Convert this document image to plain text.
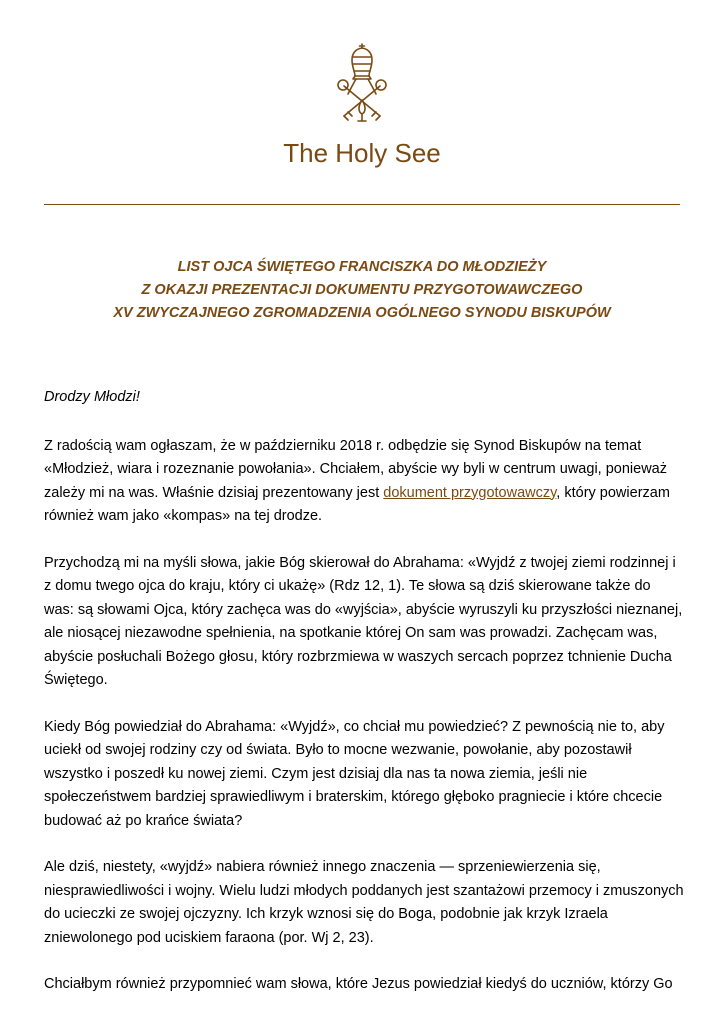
The Holy See
LIST OJCA ŚWIĘTEGO FRANCISZKA DO MŁODZIEŻY
Z OKAZJI PREZENTACJI DOKUMENTU PRZYGOTOWAWCZEGO
XV ZWYCZAJNEGO ZGROMADZENIA OGÓLNEGO SYNODU BISKUPÓW

Drodzy Młodzi!

Z radością wam ogłaszam, że w październiku 2018 r. odbędzie się Synod Biskupów na temat «Młodzież, wiara i rozeznanie powołania». Chciałem, abyście wy byli w centrum uwagi, ponieważ zależy mi na was. Właśnie dzisiaj prezentowany jest dokument przygotowawczy, który powierzam również wam jako «kompas» na tej drodze.

Przychodzą mi na myśli słowa, jakie Bóg skierował do Abrahama: «Wyjdź z twojej ziemi rodzinnej i z domu twego ojca do kraju, który ci ukażę» (Rdz 12, 1). Te słowa są dziś skierowane także do was: są słowami Ojca, który zachęca was do «wyjścia», abyście wyruszyli ku przyszłości nieznanej, ale niosącej niezawodne spełnienia, na spotkanie której On sam was prowadzi. Zachęcam was, abyście posłuchali Bożego głosu, który rozbrzmiewa w waszych sercach poprzez tchnienie Ducha Świętego.

Kiedy Bóg powiedział do Abrahama: «Wyjdź», co chciał mu powiedzieć? Z pewnością nie to, aby uciekł od swojej rodziny czy od świata. Było to mocne wezwanie, powołanie, aby pozostawił wszystko i poszedł ku nowej ziemi. Czym jest dzisiaj dla nas ta nowa ziemia, jeśli nie społeczeństwem bardziej sprawiedliwym i braterskim, którego głęboko pragniecie i które chcecie budować aż po krańce świata?

Ale dziś, niestety, «wyjdź» nabiera również innego znaczenia — sprzeniewierzenia się, niesprawiedliwości i wojny. Wielu ludzi młodych poddanych jest szantażowi przemocy i zmuszonych do ucieczki ze swojej ojczyzny. Ich krzyk wznosi się do Boga, podobnie jak krzyk Izraela zniewolonego pod uciskiem faraona (por. Wj 2, 23).

Chciałbym również przypomnieć wam słowa, które Jezus powiedział kiedyś do uczniów, którzy Go
